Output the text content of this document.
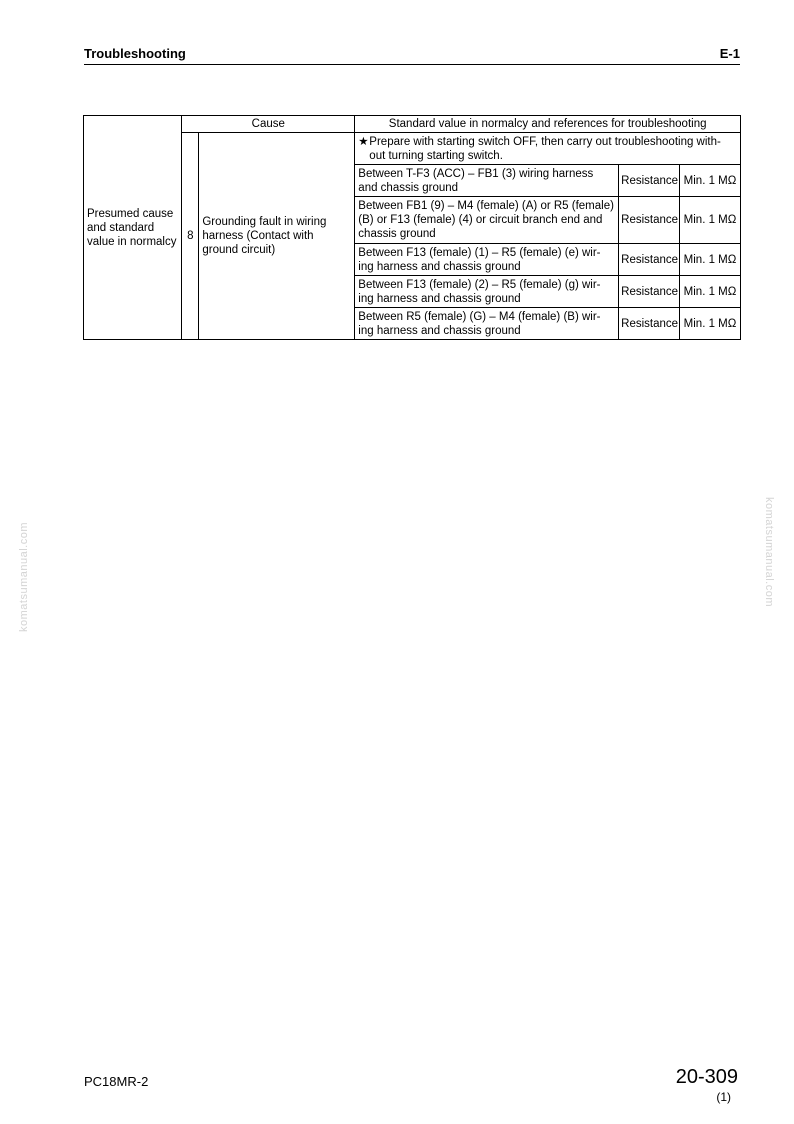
Troubleshooting	E-1
Presumed cause
and standard
value in normalcy	Cause		Standard value in normalcy and references for troubleshooting		
	8	Grounding fault in wiring harness (Contact with ground circuit)	★Prepare with starting switch OFF, then carry out troubleshooting with-
out turning starting switch.		

			Between T-F3 (ACC) – FB1 (3) wiring harness and chassis ground	Resistance	Min. 1 MΩ
			Between FB1 (9) – M4 (female) (A) or R5 (female) (B) or F13 (female) (4) or circuit branch end and chassis ground	Resistance	Min. 1 MΩ
			Between F13 (female) (1) – R5 (female) (e) wir-ing harness and chassis ground	Resistance	Min. 1 MΩ
			Between F13 (female) (2) – R5 (female) (g) wir-ing harness and chassis ground	Resistance	Min. 1 MΩ
			Between R5 (female) (G) – M4 (female) (B) wir-ing harness and chassis ground	Resistance	Min. 1 MΩ
komatsumanual.com	komatsumanual.com
PC18MR-2	20-309
(1)
